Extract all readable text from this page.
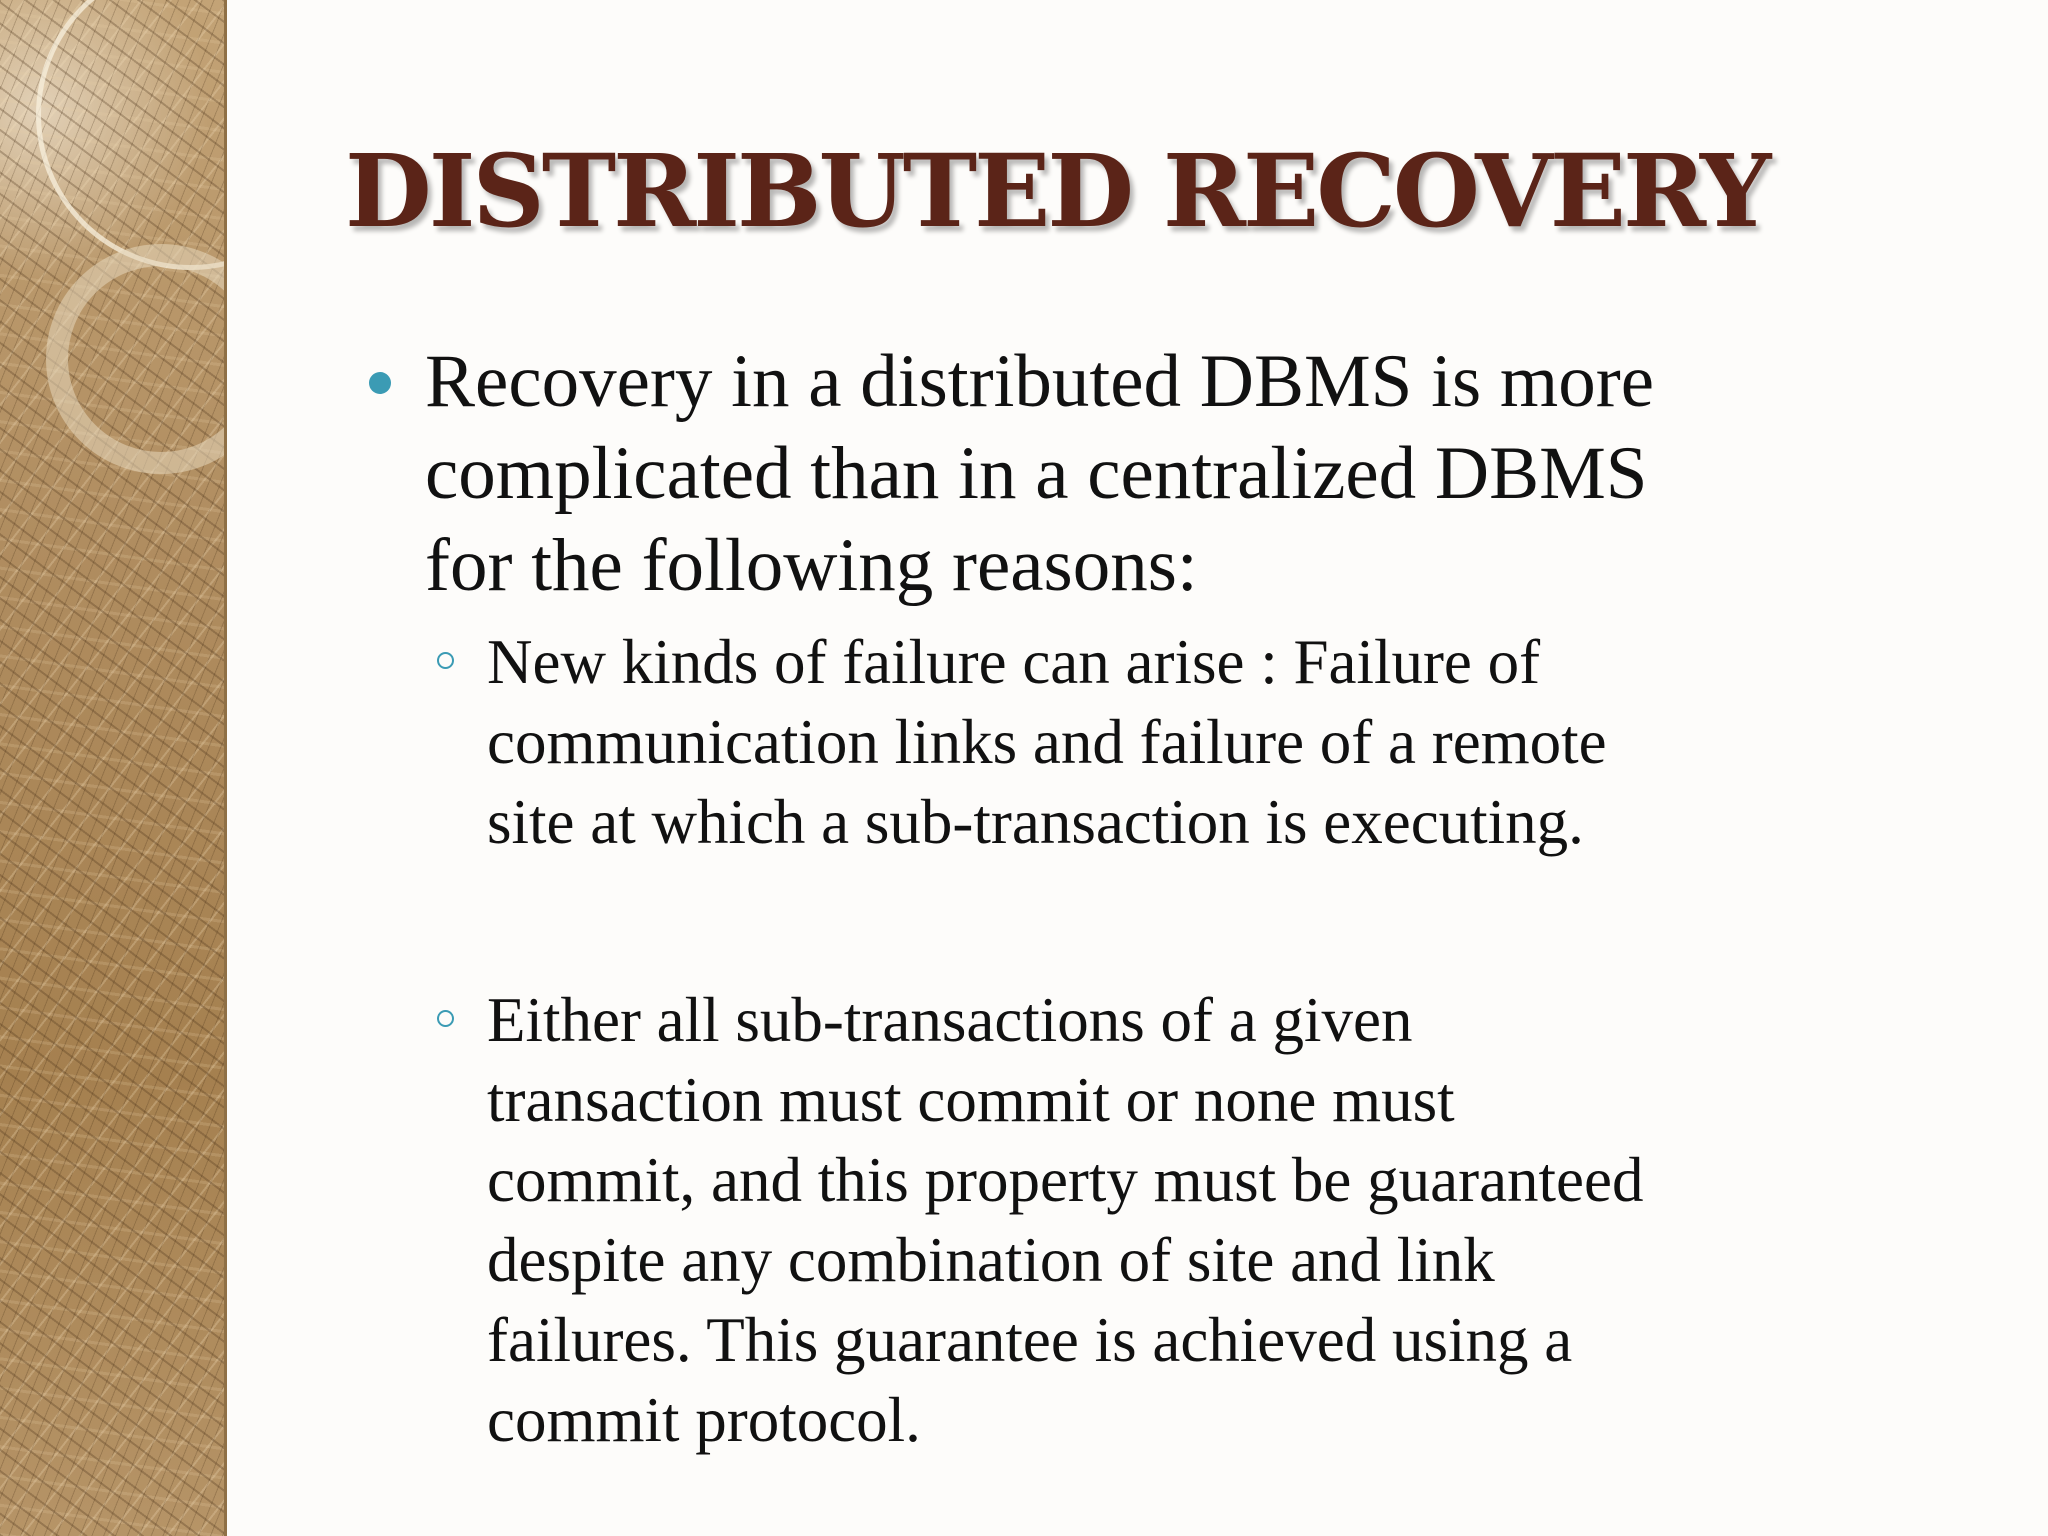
DISTRIBUTED RECOVERY
Recovery in a distributed DBMS is more
complicated than in a centralized DBMS
for the following reasons:
New kinds of failure can arise : Failure of
communication links and failure of a remote
site at which a sub-transaction is executing.
Either all sub-transactions of a given
transaction must commit or none must
commit, and this property must be guaranteed
despite any combination of site and link
failures. This guarantee is achieved using a
commit protocol.
